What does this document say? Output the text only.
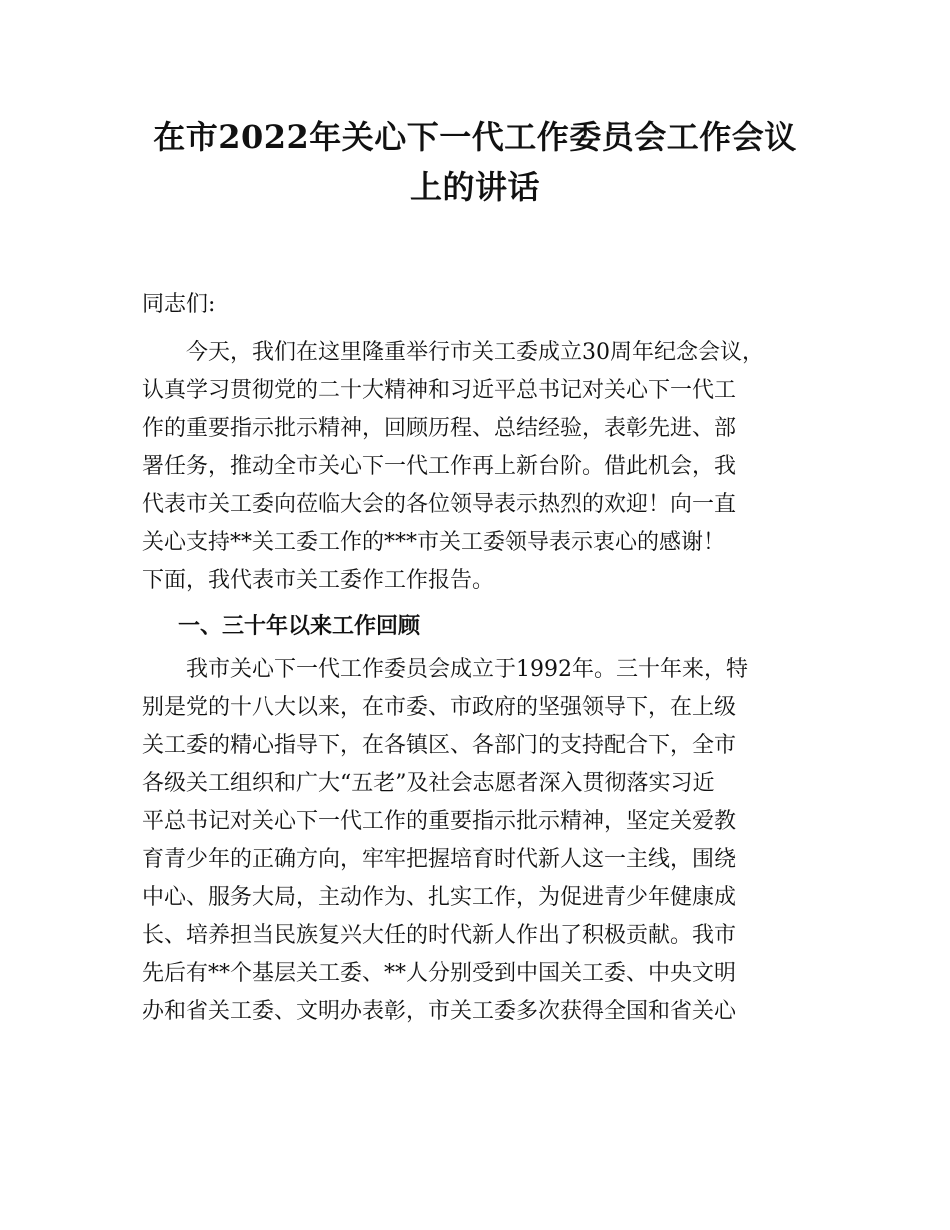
在市2022年关心下一代工作委员会工作会议
上的讲话

同志们:

今天，我们在这里隆重举行市关工委成立30周年纪念会议，
认真学习贯彻党的二十大精神和习近平总书记对关心下一代工
作的重要指示批示精神，回顾历程、总结经验，表彰先进、部
署任务，推动全市关心下一代工作再上新台阶。借此机会，我
代表市关工委向莅临大会的各位领导表示热烈的欢迎！向一直
关心支持**关工委工作的***市关工委领导表示衷心的感谢！
下面，我代表市关工委作工作报告。

一、三十年以来工作回顾

我市关心下一代工作委员会成立于1992年。三十年来，特
别是党的十八大以来，在市委、市政府的坚强领导下，在上级
关工委的精心指导下，在各镇区、各部门的支持配合下，全市
各级关工组织和广大“五老”及社会志愿者深入贯彻落实习近
平总书记对关心下一代工作的重要指示批示精神，坚定关爱教
育青少年的正确方向，牢牢把握培育时代新人这一主线，围绕
中心、服务大局，主动作为、扎实工作，为促进青少年健康成
长、培养担当民族复兴大任的时代新人作出了积极贡献。我市
先后有**个基层关工委、**人分别受到中国关工委、中央文明
办和省关工委、文明办表彰，市关工委多次获得全国和省关心
